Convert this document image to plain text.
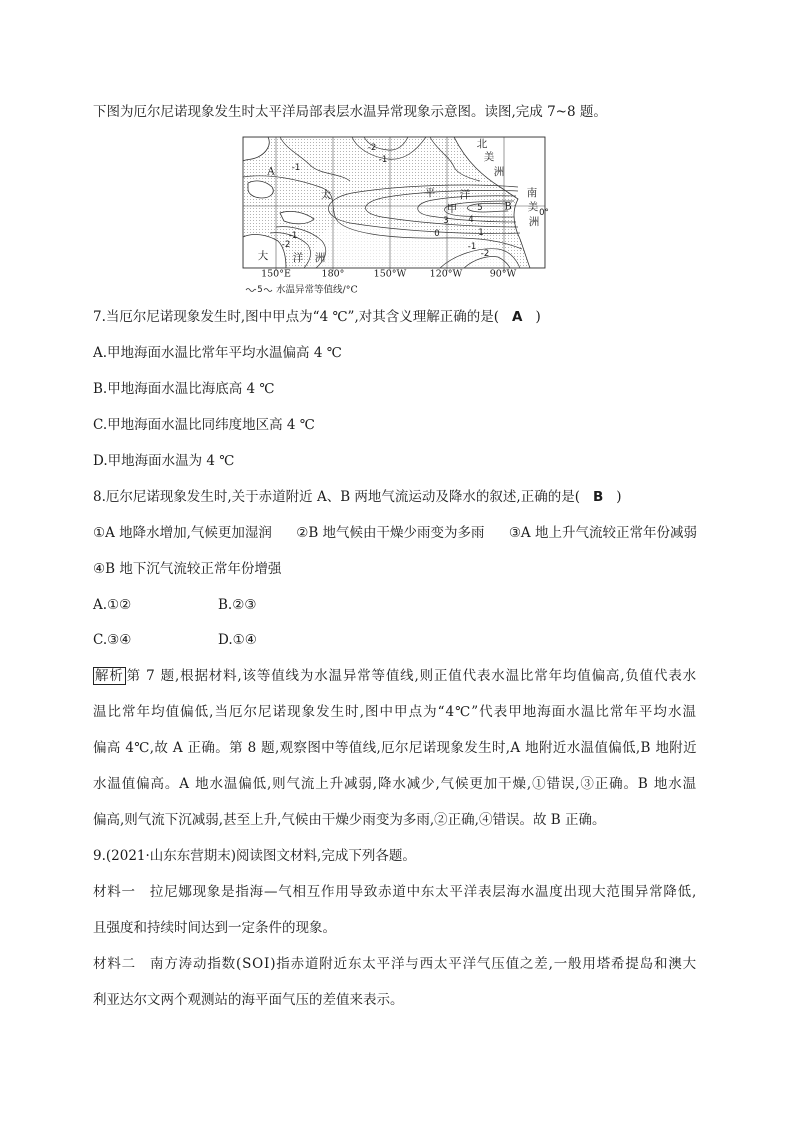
下图为厄尔尼诺现象发生时太平洋局部表层水温异常现象示意图。读图,完成 7~8 题。
北
美
洲
南
美
洲
大 洋 洲
太	平 洋
A
B
甲	0°
-2
-1
-1
5
4
3
0	1
-1
-2
-1
-2
150°E	180°	150°W 120°W	90°W
5 水温异常等值线/°C
7.当厄尔尼诺现象发生时,图中甲点为“4 ℃”,对其含义理解正确的是( A )
A.甲地海面水温比常年平均水温偏高 4 ℃
B.甲地海面水温比海底高 4 ℃
C.甲地海面水温比同纬度地区高 4 ℃
D.甲地海面水温为 4 ℃
8.厄尔尼诺现象发生时,关于赤道附近 A、B 两地气流运动及降水的叙述,正确的是( B )
①A 地降水增加,气候更加湿润 ②B 地气候由干燥少雨变为多雨 ③A 地上升气流较正常年份减弱
④B 地下沉气流较正常年份增强
A.①②	B.②③
C.③④	D.①④
解析 第 7 题,根据材料,该等值线为水温异常等值线,则正值代表水温比常年均值偏高,负值代表水
温比常年均值偏低,当厄尔尼诺现象发生时,图中甲点为“4℃”代表甲地海面水温比常年平均水温
偏高 4℃,故 A 正确。第 8 题,观察图中等值线,厄尔尼诺现象发生时,A 地附近水温值偏低,B 地附近
水温值偏高。A 地水温偏低,则气流上升减弱,降水减少,气候更加干燥,①错误,③正确。B 地水温
偏高,则气流下沉减弱,甚至上升,气候由干燥少雨变为多雨,②正确,④错误。故 B 正确。
9.(2021·山东东营期末)阅读图文材料,完成下列各题。
材料一 拉尼娜现象是指海—气相互作用导致赤道中东太平洋表层海水温度出现大范围异常降低,
且强度和持续时间达到一定条件的现象。
材料二 南方涛动指数(SOI)指赤道附近东太平洋与西太平洋气压值之差,一般用塔希提岛和澳大
利亚达尔文两个观测站的海平面气压的差值来表示。
